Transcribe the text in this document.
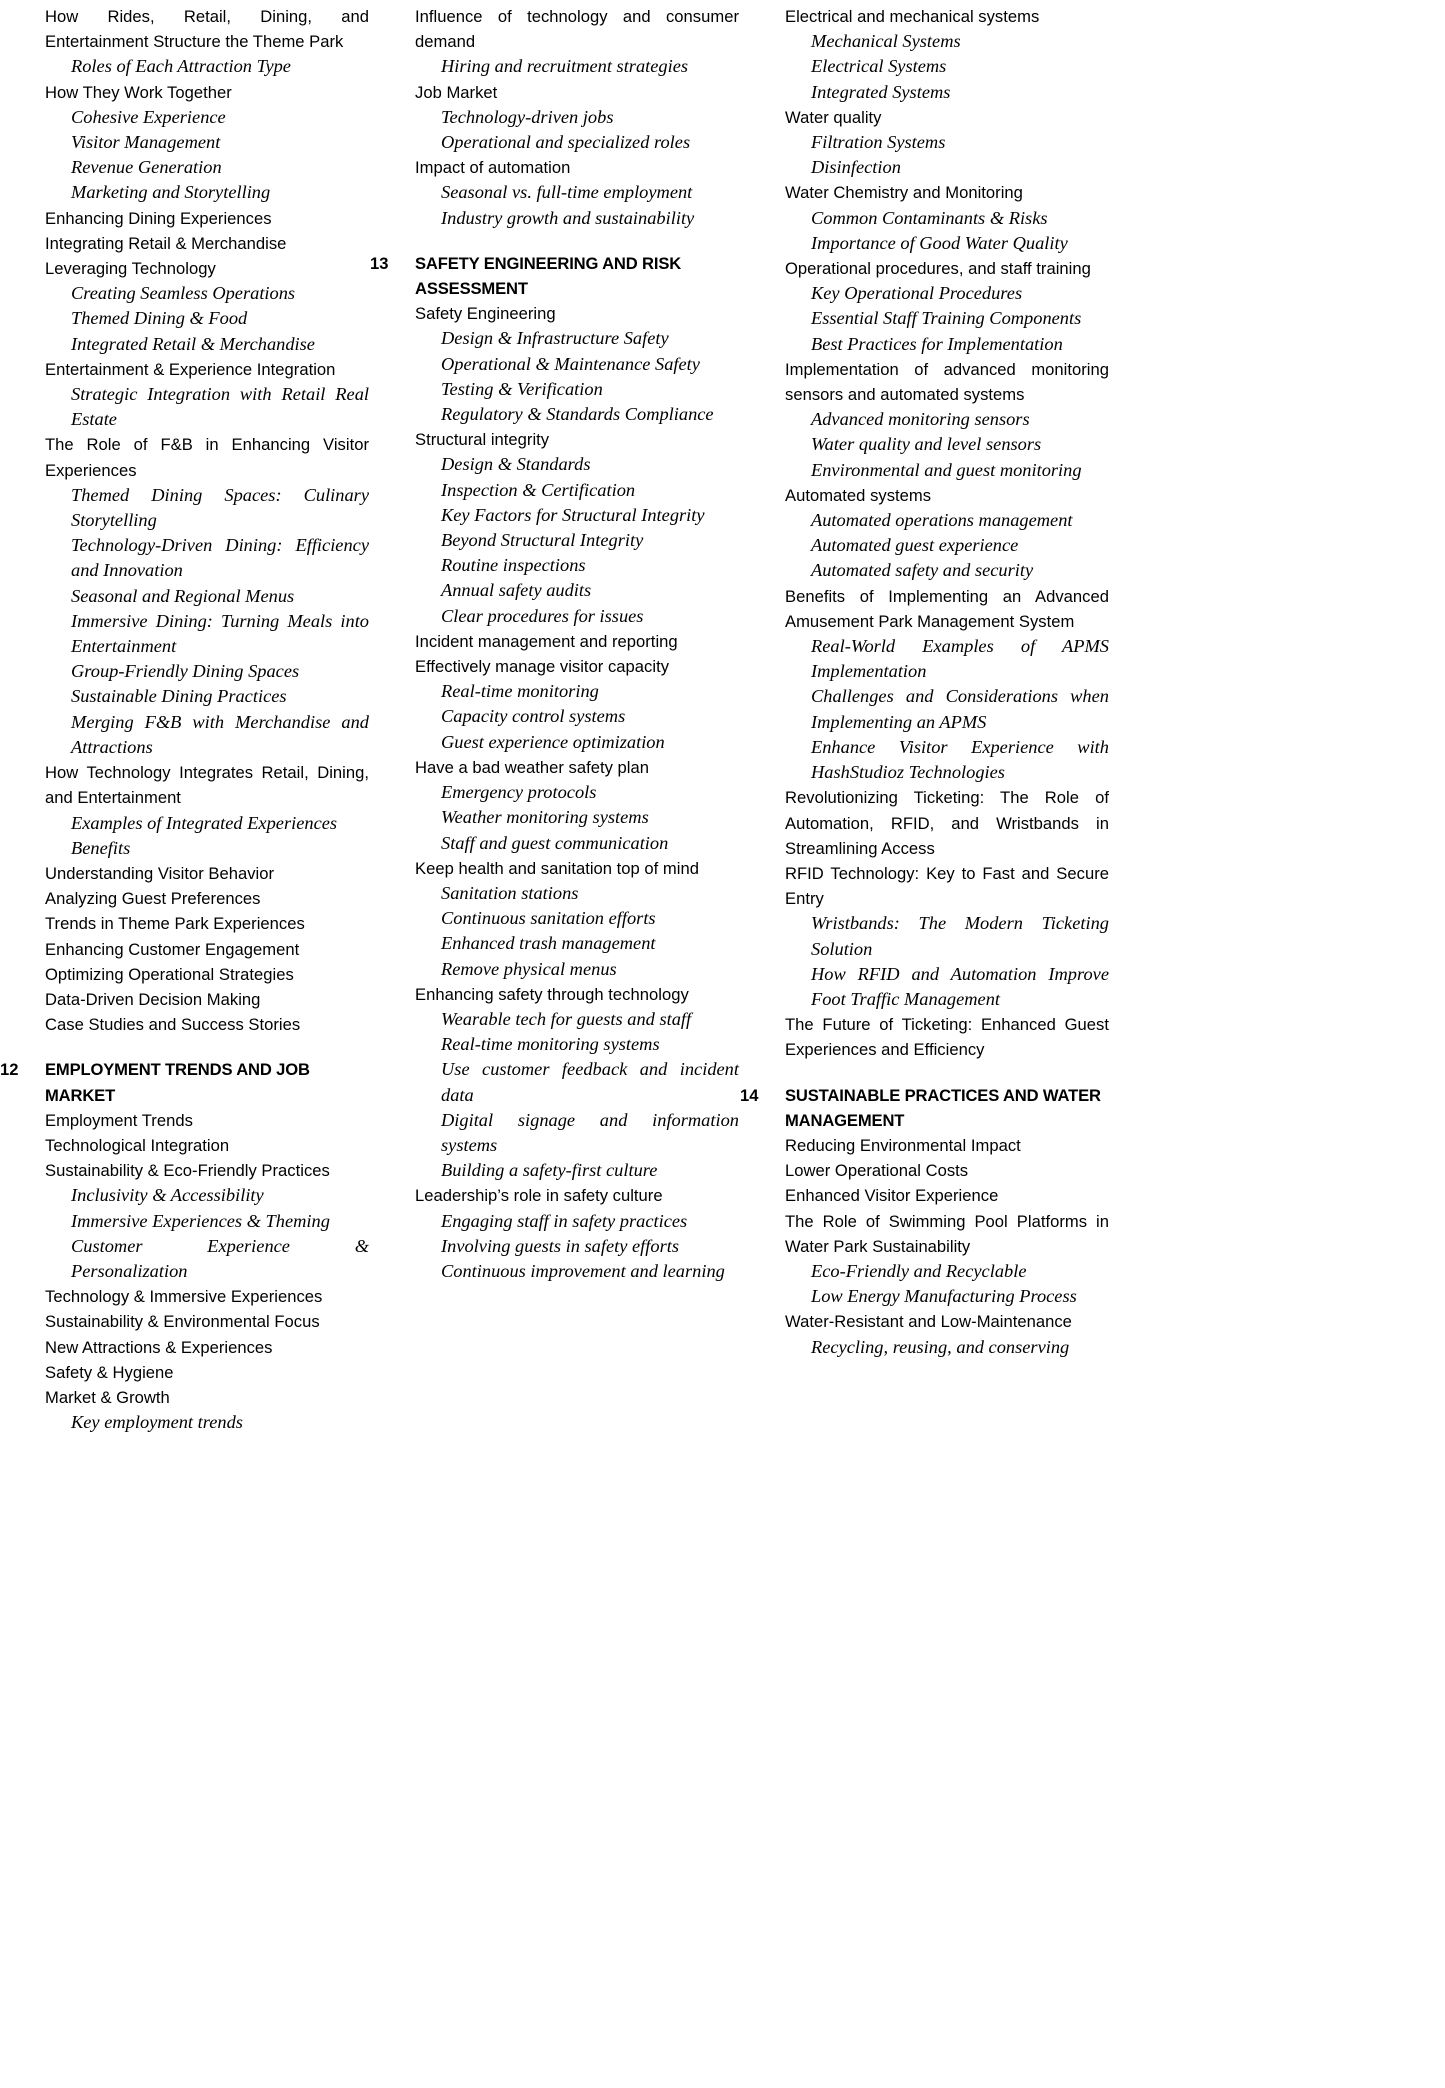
How Rides, Retail, Dining, and Entertainment Structure the Theme Park

Roles of Each Attraction Type

How They Work Together

Cohesive Experience

Visitor Management

Revenue Generation

Marketing and Storytelling

Enhancing Dining Experiences

Integrating Retail & Merchandise

Leveraging Technology

Creating Seamless Operations

Themed Dining & Food

Integrated Retail & Merchandise

Entertainment & Experience Integration

Strategic Integration with Retail Real Estate

The Role of F&B in Enhancing Visitor Experiences

Themed Dining Spaces: Culinary Storytelling

Technology-Driven Dining: Efficiency and Innovation

Seasonal and Regional Menus

Immersive Dining: Turning Meals into Entertainment

Group-Friendly Dining Spaces

Sustainable Dining Practices

Merging F&B with Merchandise and Attractions

How Technology Integrates Retail, Dining, and Entertainment

Examples of Integrated Experiences

Benefits

Understanding Visitor Behavior

Analyzing Guest Preferences

Trends in Theme Park Experiences

Enhancing Customer Engagement

Optimizing Operational Strategies

Data-Driven Decision Making

Case Studies and Success Stories

12	EMPLOYMENT TRENDS AND JOB MARKET

Employment Trends

Technological Integration

Sustainability & Eco-Friendly Practices

Inclusivity & Accessibility

Immersive Experiences & Theming

Customer Experience & Personalization

Technology & Immersive Experiences

Sustainability & Environmental Focus

New Attractions & Experiences

Safety & Hygiene

Market & Growth

Key employment trends

Influence of technology and consumer demand

Hiring and recruitment strategies

Job Market

Technology-driven jobs

Operational and specialized roles

Impact of automation

Seasonal vs. full-time employment

Industry growth and sustainability

13	SAFETY ENGINEERING AND RISK ASSESSMENT

Safety Engineering

Design & Infrastructure Safety

Operational & Maintenance Safety

Testing & Verification

Regulatory & Standards Compliance

Structural integrity

Design & Standards

Inspection & Certification

Key Factors for Structural Integrity

Beyond Structural Integrity

Routine inspections

Annual safety audits

Clear procedures for issues

Incident management and reporting

Effectively manage visitor capacity

Real-time monitoring

Capacity control systems

Guest experience optimization

Have a bad weather safety plan

Emergency protocols

Weather monitoring systems

Staff and guest communication

Keep health and sanitation top of mind

Sanitation stations

Continuous sanitation efforts

Enhanced trash management

Remove physical menus

Enhancing safety through technology

Wearable tech for guests and staff

Real-time monitoring systems

Use customer feedback and incident data

Digital signage and information systems

Building a safety-first culture

Leadership’s role in safety culture

Engaging staff in safety practices

Involving guests in safety efforts

Continuous improvement and learning

Electrical and mechanical systems

Mechanical Systems

Electrical Systems

Integrated Systems

Water quality

Filtration Systems

Disinfection

Water Chemistry and Monitoring

Common Contaminants & Risks

Importance of Good Water Quality

Operational procedures, and staff training

Key Operational Procedures

Essential Staff Training Components

Best Practices for Implementation

Implementation of advanced monitoring sensors and automated systems

Advanced monitoring sensors

Water quality and level sensors

Environmental and guest monitoring

Automated systems

Automated operations management

Automated guest experience

Automated safety and security

Benefits of Implementing an Advanced Amusement Park Management System

Real-World Examples of APMS Implementation

Challenges and Considerations when Implementing an APMS

Enhance Visitor Experience with HashStudioz Technologies

Revolutionizing Ticketing: The Role of Automation, RFID, and Wristbands in Streamlining Access

RFID Technology: Key to Fast and Secure Entry

Wristbands: The Modern Ticketing Solution

How RFID and Automation Improve Foot Traffic Management

The Future of Ticketing: Enhanced Guest Experiences and Efficiency

14	SUSTAINABLE PRACTICES AND WATER MANAGEMENT

Reducing Environmental Impact

Lower Operational Costs

Enhanced Visitor Experience

The Role of Swimming Pool Platforms in Water Park Sustainability

Eco-Friendly and Recyclable

Low Energy Manufacturing Process

Water-Resistant and Low-Maintenance

Recycling, reusing, and conserving
